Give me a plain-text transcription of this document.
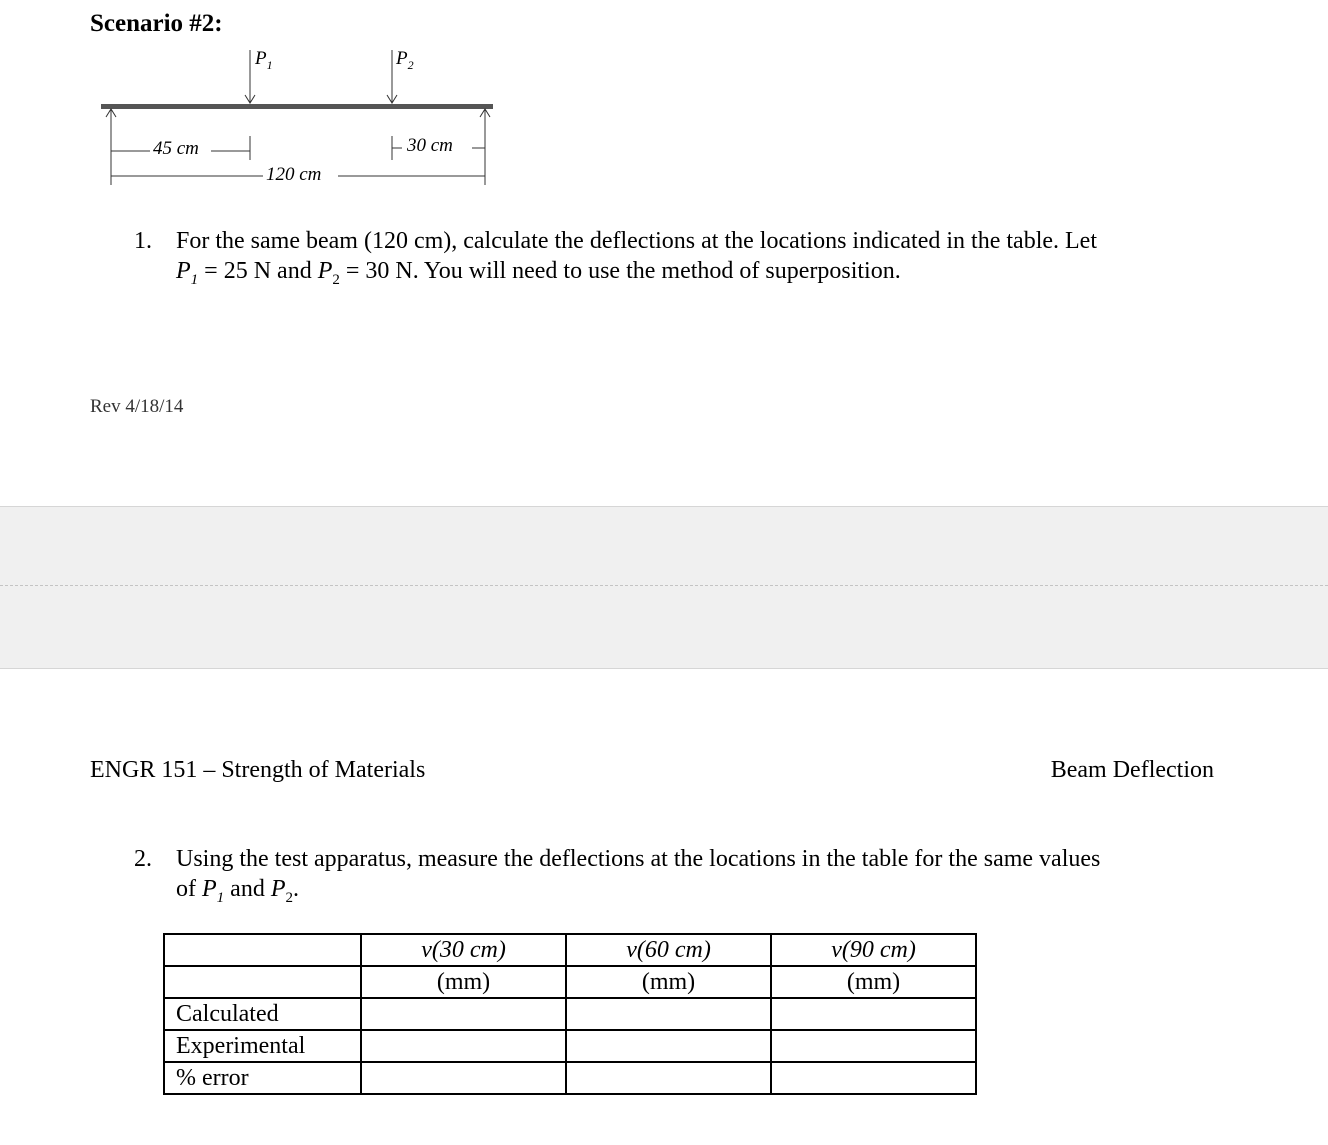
Scenario #2:
$P_1$	$P_2$
45 cm	30 cm
120 cm
1. For the same beam (120 cm), calculate the deflections at the locations indicated in the table. Let
$P_1 = 25$ N and $P_2 = 30$ N. You will need to use the method of superposition.
Rev 4/18/14
ENGR 151 – Strength of Materials	Beam Deflection
2. Using the test apparatus, measure the deflections at the locations in the table for the same values
of $P_1$ and $P_2$.
	v(30 cm)	v(60 cm)	v(90 cm)
	(mm)	(mm)	(mm)
Calculated			
Experimental			
% error			
